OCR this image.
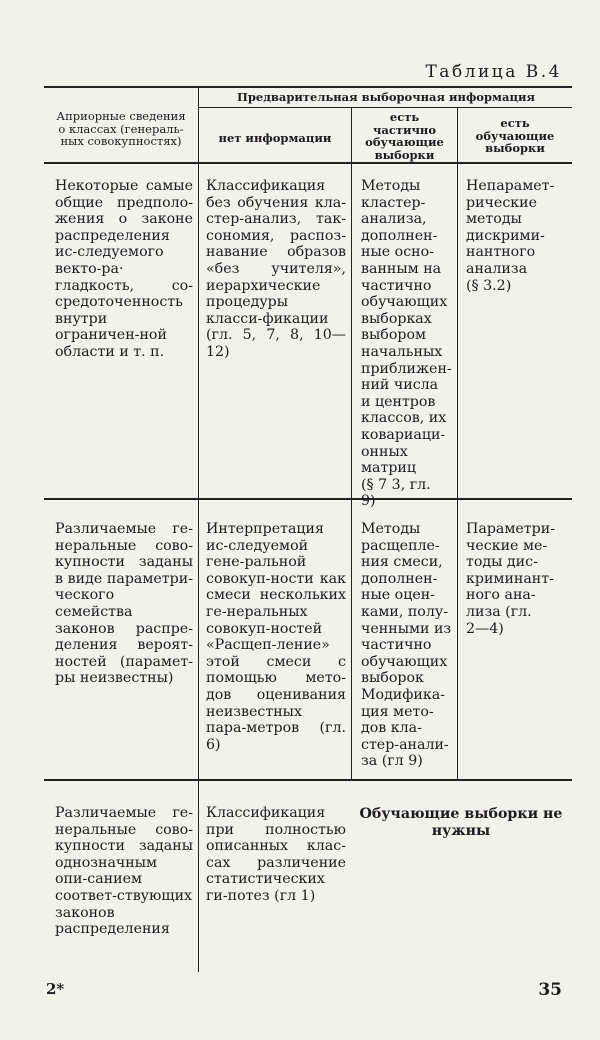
Таблица В.4
Априорные сведения
о классах (генераль-
ных совокупностях)
Предварительная выборочная информация
нет информации
есть
частично
обучающие
выборки
есть
обучающие
выборки
Некоторые самые общие предполо-жения о законе распределения ис-следуемого векто-ра· гладкость, со-средоточенность внутри ограничен-ной области и т. п.
Классификация без обучения кла-стер-анализ, так-сономия, распоз-навание образов «без учителя», иерархические процедуры класси-фикации (гл. 5, 7, 8, 10—12)
Методы
кластер-
анализа,
дополнен-
ные осно-
ванным на
частично
обучающих
выборках
выбором
начальных
приближен-
ний числа
и центров
классов, их
ковариаци-
онных
матриц
(§ 7 3, гл.
9)
Непарамет-
рические
методы
дискрими-
нантного
анализа
(§ 3.2)
Различаемые ге-неральные сово-купности заданы в виде параметри-ческого семейства законов распре-деления вероят-ностей (парамет-ры неизвестны)
Интерпретация ис-следуемой гене-ральной совокуп-ности как смеси нескольких ге-неральных совокуп-ностей «Расщеп-ление» этой смеси с помощью мето-дов оценивания неизвестных пара-метров (гл. 6)
Методы
расщепле-
ния смеси,
дополнен-
ные оцен-
ками, полу-
ченными из
частично
обучающих
выборок
Модифика-
ция мето-
дов кла-
стер-анали-
за (гл 9)
Параметри-
ческие ме-
тоды дис-
криминант-
ного ана-
лиза (гл.
2—4)
Различаемые ге-неральные сово-купности заданы однозначным опи-санием соответ-ствующих законов распределения
Классификация при полностью описанных клас-сах различение статистических ги-потез (гл 1)
Обучающие выборки не
нужны
2*	35
